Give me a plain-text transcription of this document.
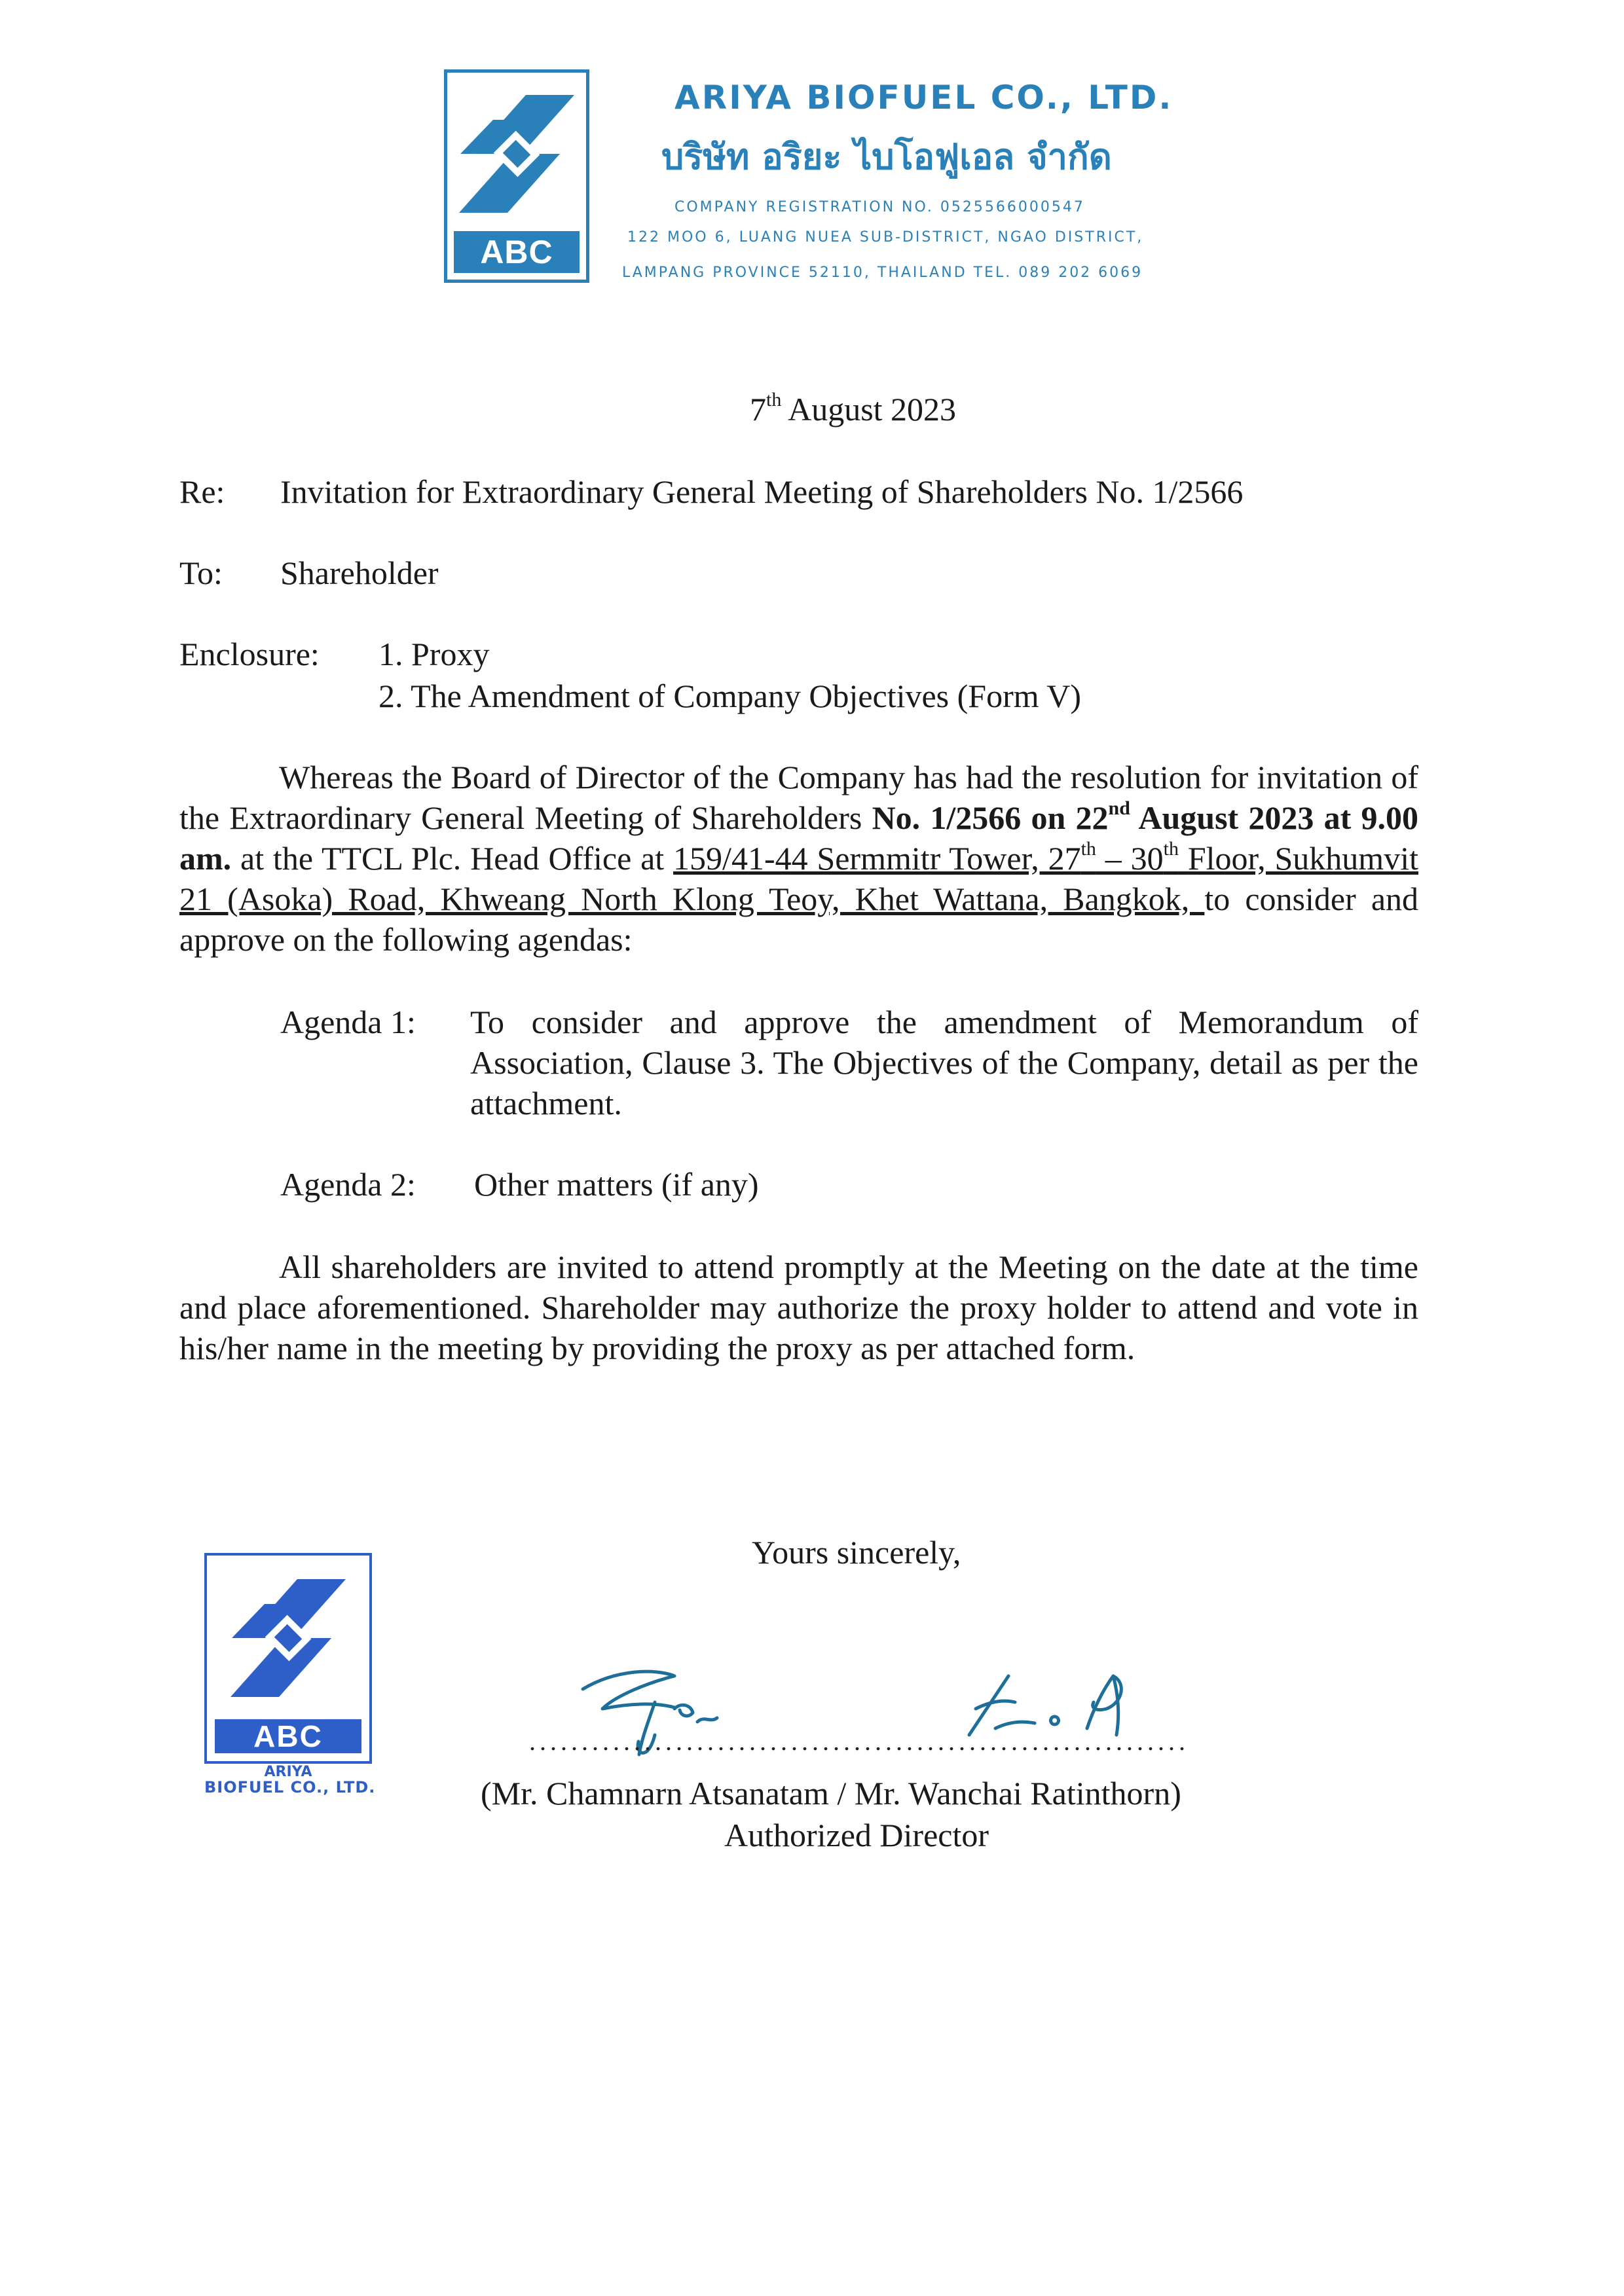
ABC
ARIYA BIOFUEL CO., LTD.
บริษัท อริยะ ไบโอฟูเอล จำกัด
COMPANY REGISTRATION NO. 0525566000547
122 MOO 6, LUANG NUEA SUB-DISTRICT, NGAO DISTRICT,
LAMPANG PROVINCE 52110, THAILAND TEL. 089 202 6069
7th August 2023
Re: Invitation for Extraordinary General Meeting of Shareholders No. 1/2566
To: Shareholder
Enclosure: 1. Proxy
2. The Amendment of Company Objectives (Form V)
Whereas the Board of Director of the Company has had the resolution for invitation of the Extraordinary General Meeting of Shareholders No. 1/2566 on 22nd August 2023 at 9.00 am. at the TTCL Plc. Head Office at 159/41-44 Sermmitr Tower, 27th – 30th Floor, Sukhumvit 21 (Asoka) Road, Khweang North Klong Teoy, Khet Wattana, Bangkok, to consider and approve on the following agendas:
Agenda 1: To consider and approve the amendment of Memorandum of Association, Clause 3. The Objectives of the Company, detail as per the attachment.
Agenda 2: Other matters (if any)
All shareholders are invited to attend promptly at the Meeting on the date at the time and place aforementioned. Shareholder may authorize the proxy holder to attend and vote in his/her name in the meeting by providing the proxy as per attached form.
Yours sincerely,
ABC
ARIYA
BIOFUEL CO., LTD.
...............................................................
(Mr. Chamnarn Atsanatam / Mr. Wanchai Ratinthorn)
Authorized Director
